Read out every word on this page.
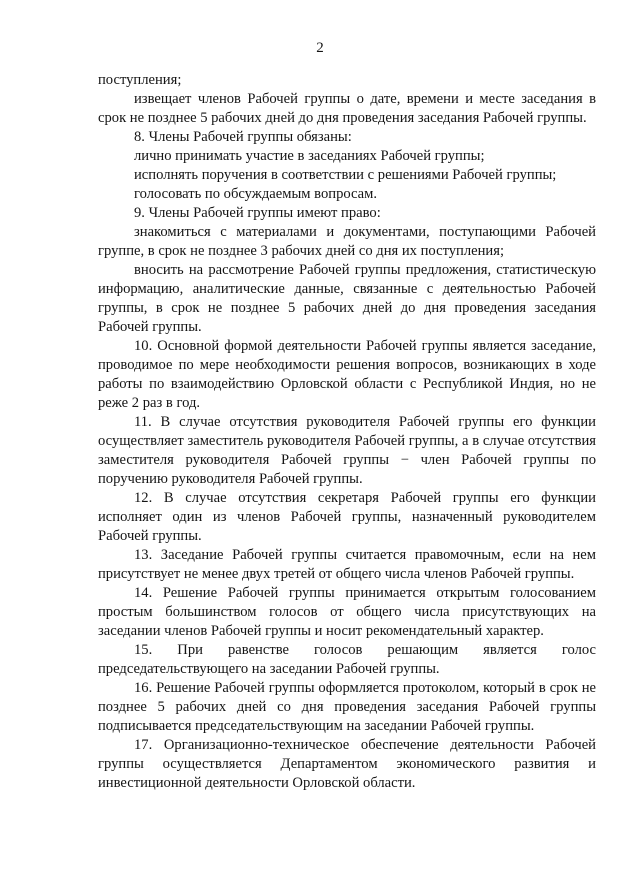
2

поступления;

извещает членов Рабочей группы о дате, времени и месте заседания в срок не позднее 5 рабочих дней до дня проведения заседания Рабочей группы.

8. Члены Рабочей группы обязаны:

лично принимать участие в заседаниях Рабочей группы;

исполнять поручения в соответствии с решениями Рабочей группы;

голосовать по обсуждаемым вопросам.

9. Члены Рабочей группы имеют право:

знакомиться с материалами и документами, поступающими Рабочей группе, в срок не позднее 3 рабочих дней со дня их поступления;

вносить на рассмотрение Рабочей группы предложения, статистическую информацию, аналитические данные, связанные с деятельностью Рабочей группы, в срок не позднее 5 рабочих дней до дня проведения заседания Рабочей группы.

10. Основной формой деятельности Рабочей группы является заседание, проводимое по мере необходимости решения вопросов, возникающих в ходе работы по взаимодействию Орловской области с Республикой Индия, но не реже 2 раз в год.

11. В случае отсутствия руководителя Рабочей группы его функции осуществляет заместитель руководителя Рабочей группы, а в случае отсутствия заместителя руководителя Рабочей группы − член Рабочей группы по поручению руководителя Рабочей группы.

12. В случае отсутствия секретаря Рабочей группы его функции исполняет один из членов Рабочей группы, назначенный руководителем Рабочей группы.

13. Заседание Рабочей группы считается правомочным, если на нем присутствует не менее двух третей от общего числа членов Рабочей группы.

14. Решение Рабочей группы принимается открытым голосованием простым большинством голосов от общего числа присутствующих на заседании членов Рабочей группы и носит рекомендательный характер.

15. При равенстве голосов решающим является голос председательствующего на заседании Рабочей группы.

16. Решение Рабочей группы оформляется протоколом, который в срок не позднее 5 рабочих дней со дня проведения заседания Рабочей группы подписывается председательствующим на заседании Рабочей группы.

17. Организационно-техническое обеспечение деятельности Рабочей группы осуществляется Департаментом экономического развития и инвестиционной деятельности Орловской области.
